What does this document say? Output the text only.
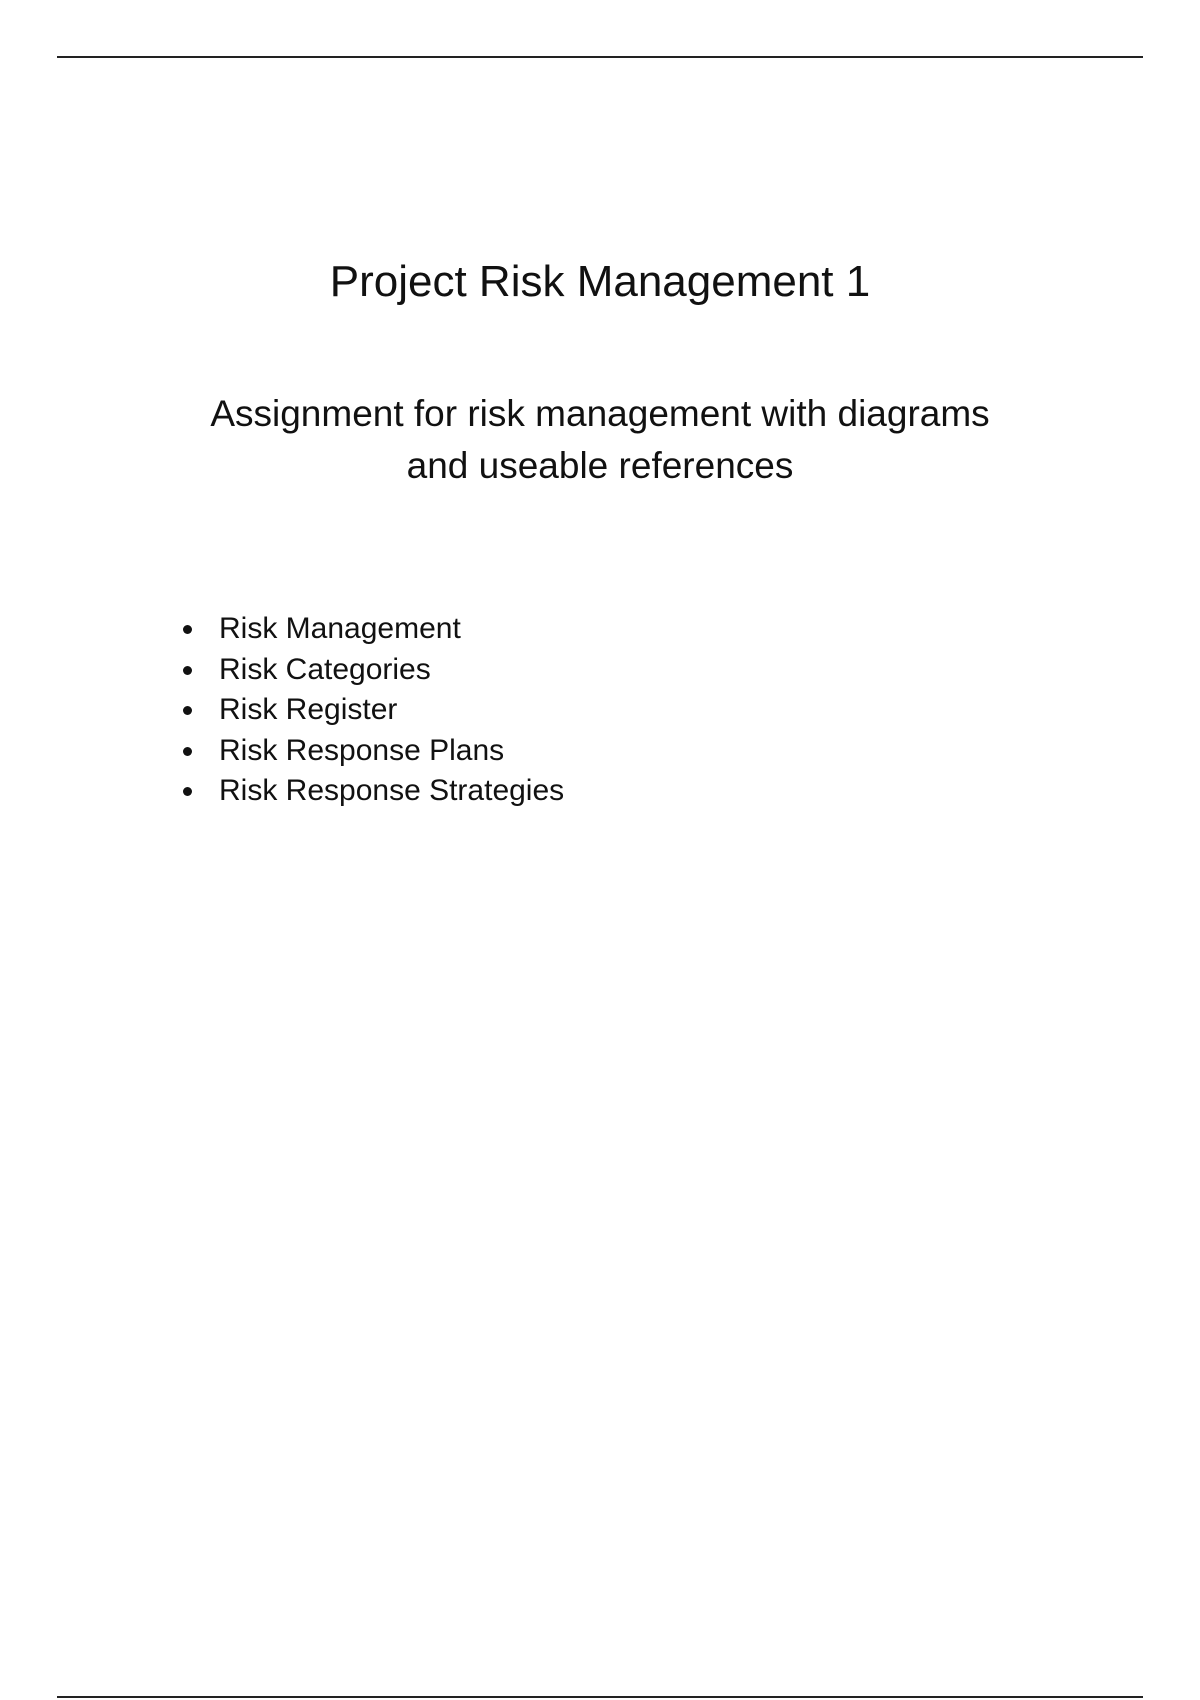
Project Risk Management 1
Assignment for risk management with diagrams
and useable references
Risk Management
Risk Categories
Risk Register
Risk Response Plans
Risk Response Strategies
